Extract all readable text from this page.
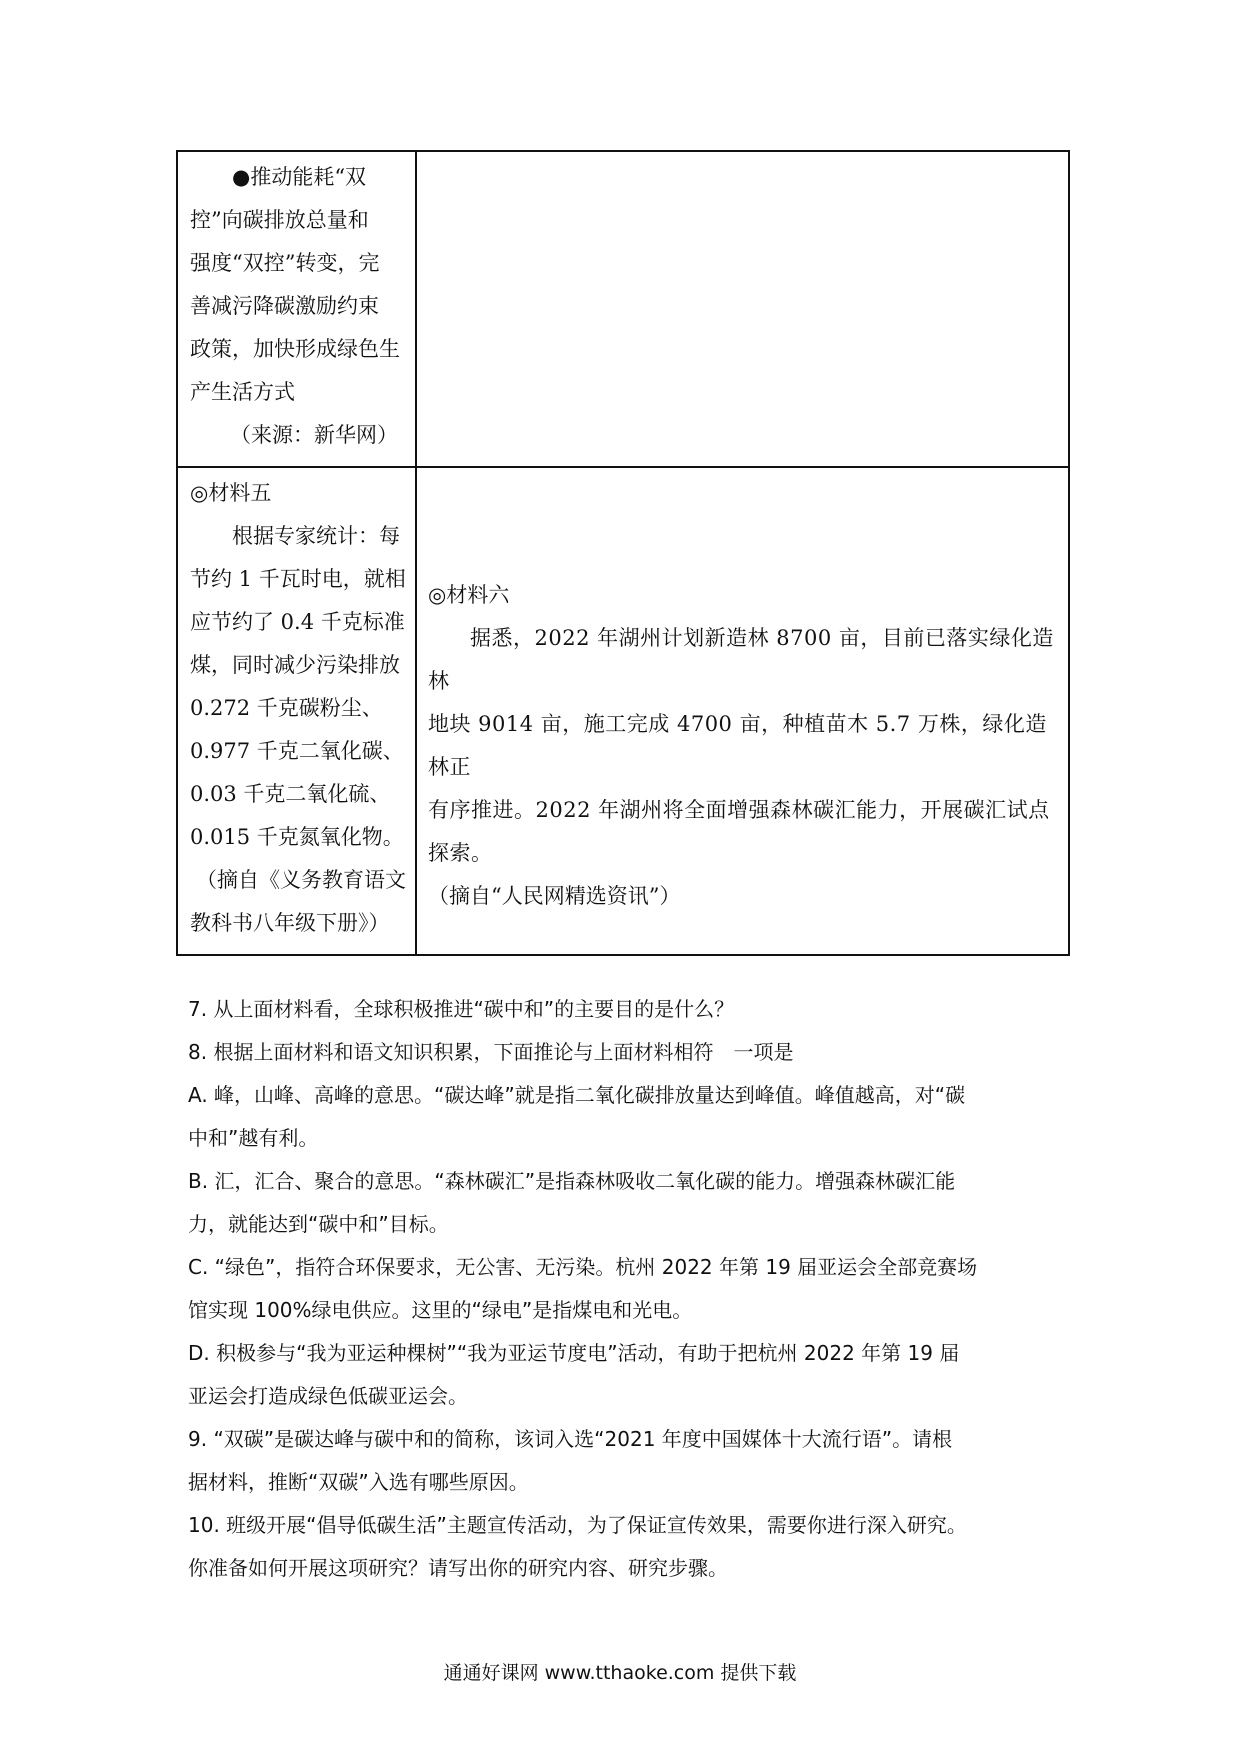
●推动能耗“双

控”向碳排放总量和

强度“双控”转变，完

善减污降碳激励约束

政策，加快形成绿色生

产生活方式

（来源：新华网）

◎材料五

根据专家统计：每

节约 1 千瓦时电，就相

应节约了 0.4 千克标准

煤，同时减少污染排放

0.272 千克碳粉尘、

0.977 千克二氧化碳、

0.03 千克二氧化硫、

0.015 千克氮氧化物。

（摘自《义务教育语文

教科书八年级下册》）

◎材料六

据悉，2022 年湖州计划新造林 8700 亩，目前已落实绿化造林

地块 9014 亩，施工完成 4700 亩，种植苗木 5.7 万株，绿化造林正

有序推进。2022 年湖州将全面增强森林碳汇能力，开展碳汇试点

探索。

（摘自“人民网精选资讯”）

7. 从上面材料看，全球积极推进“碳中和”的主要目的是什么？

8. 根据上面材料和语文知识积累，下面推论与上面材料相符　一项是

A. 峰，山峰、高峰的意思。“碳达峰”就是指二氧化碳排放量达到峰值。峰值越高，对“碳

中和”越有利。

B. 汇，汇合、聚合的意思。“森林碳汇”是指森林吸收二氧化碳的能力。增强森林碳汇能

力，就能达到“碳中和”目标。

C. “绿色”，指符合环保要求，无公害、无污染。杭州 2022 年第 19 届亚运会全部竞赛场

馆实现 100%绿电供应。这里的“绿电”是指煤电和光电。

D. 积极参与“我为亚运种棵树”“我为亚运节度电”活动，有助于把杭州 2022 年第 19 届

亚运会打造成绿色低碳亚运会。

9. “双碳”是碳达峰与碳中和的简称，该词入选“2021 年度中国媒体十大流行语”。请根

据材料，推断“双碳”入选有哪些原因。

10. 班级开展“倡导低碳生活”主题宣传活动，为了保证宣传效果，需要你进行深入研究。

你准备如何开展这项研究？请写出你的研究内容、研究步骤。

通通好课网 www.tthaoke.com 提供下载
